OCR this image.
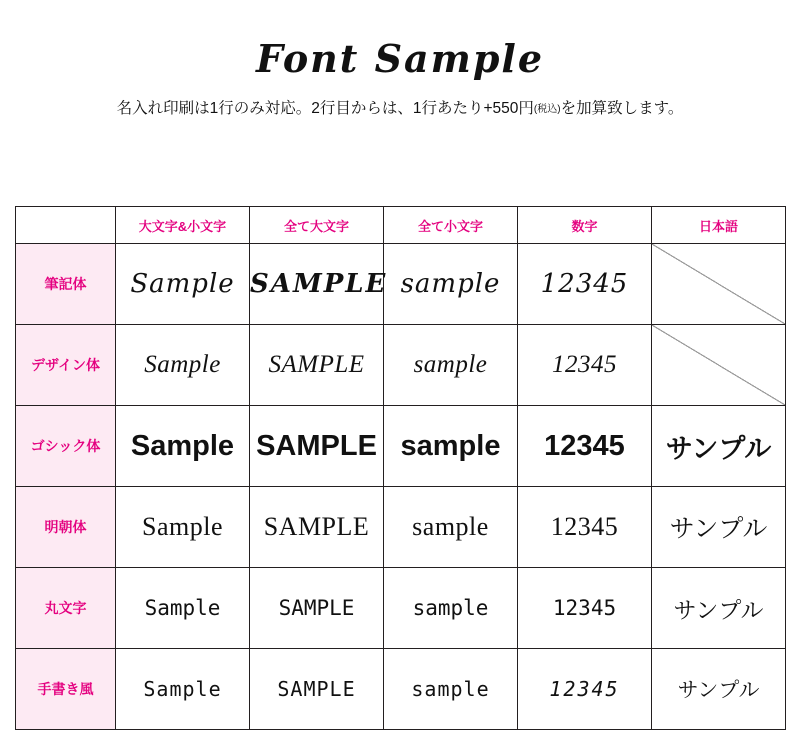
Font Sample
名入れ印刷は1行のみ対応。2行目からは、1行あたり+550円(税込)を加算致します。
	大文字&小文字	全て大文字	全て小文字	数字	日本語
筆記体	Sample	SAMPLE	sample	12345	

デザイン体	Sample	SAMPLE	sample	12345	

ゴシック体	Sample	SAMPLE	sample	12345	サンプル
明朝体	Sample	SAMPLE	sample	12345	サンプル
丸文字	Sample	SAMPLE	sample	12345	サンプル
手書き風	Sample	SAMPLE	sample	12345	サンプル
